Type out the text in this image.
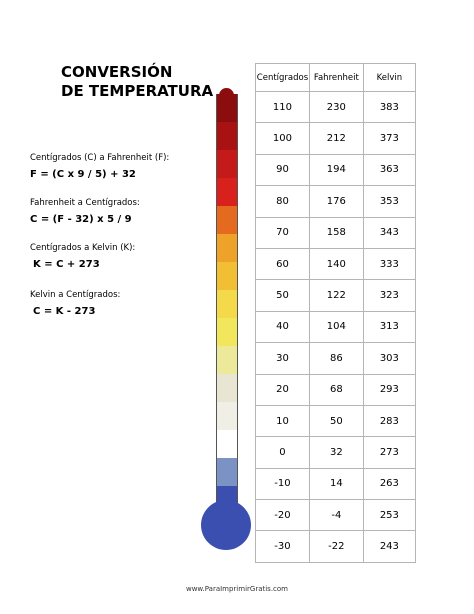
CONVERSIÓN
DE TEMPERATURA
Centígrados (C) a Fahrenheit (F):
F = (C x 9 / 5) + 32
Fahrenheit a Centígrados:
C = (F - 32) x 5 / 9
Centígrados a Kelvin (K):
K = C + 273
Kelvin a Centígrados:
C = K - 273
Centígrados	Fahrenheit	Kelvin
110	230	383
100	212	373
90	194	363
80	176	353
70	158	343
60	140	333
50	122	323
40	104	313
30	86	303
20	68	293
10	50	283
0	32	273
-10	14	263
-20	-4	253
-30	-22	243
www.ParaImprimirGratis.com
